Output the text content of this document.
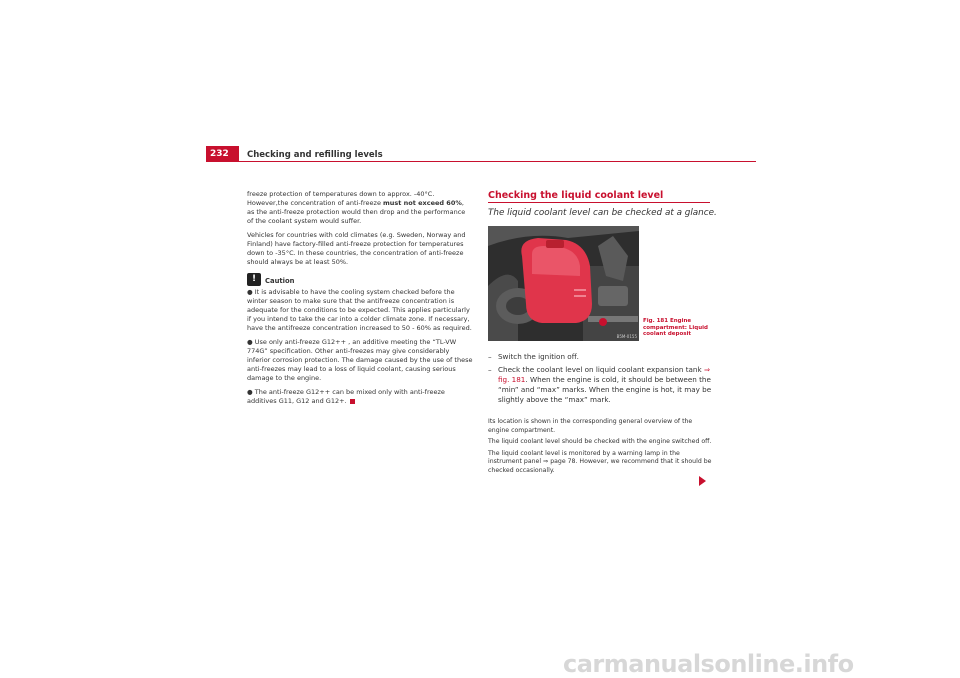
232	Checking and refilling levels

freeze protection of temperatures down to approx. -40°C. However,the concentration of anti-freeze must not exceed 60%, as the anti-freeze protection would then drop and the performance of the coolant system would suffer.

Vehicles for countries with cold climates (e.g. Sweden, Norway and Finland) have factory-filled anti-freeze protection for temperatures down to -35°C. In these countries, the concentration of anti-freeze should always be at least 50%.

!	Caution

● It is advisable to have the cooling system checked before the winter season to make sure that the antifreeze concentration is adequate for the conditions to be expected. This applies particularly if you intend to take the car into a colder climate zone. If necessary, have the antifreeze concentration increased to 50 - 60% as required.

● Use only anti-freeze G12++ , an additive meeting the “TL-VW 774G” specification. Other anti-freezes may give considerably inferior corrosion protection. The damage caused by the use of these anti-freezes may lead to a loss of liquid coolant, causing serious damage to the engine.

● The anti-freeze G12++ can be mixed only with anti-freeze additives G11, G12 and G12+.

Checking the liquid coolant level
The liquid coolant level can be checked at a glance.
B5M-0155
Fig. 181 Engine compartment: Liquid coolant deposit
– Switch the ignition off.
– Check the coolant level on liquid coolant expansion tank ⇒ fig. 181. When the engine is cold, it should be between the “min” and “max” marks. When the engine is hot, it may be slightly above the “max” mark.

Its location is shown in the corresponding general overview of the engine compartment.

The liquid coolant level should be checked with the engine switched off.

The liquid coolant level is monitored by a warning lamp in the instrument panel ⇒ page 78. However, we recommend that it should be checked occasionally.

carmanualsonline.info
